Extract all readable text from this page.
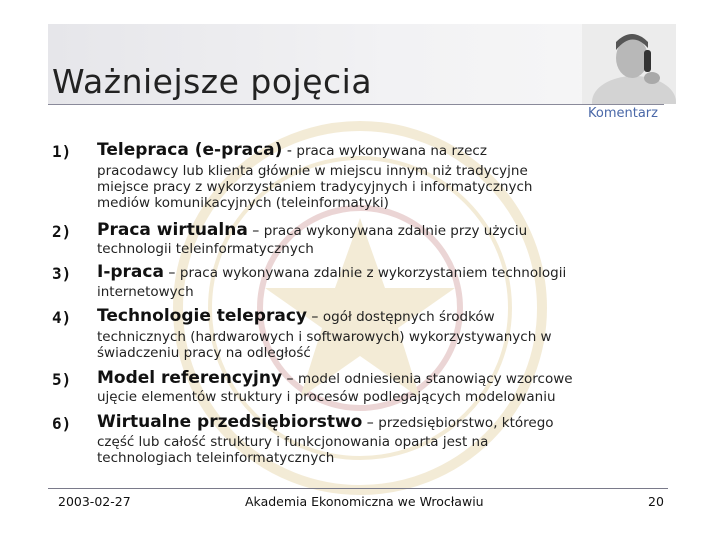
Ważniejsze pojęcia
Komentarz
1) Telepraca (e-praca) - praca wykonywana na rzecz
pracodawcy lub klienta głównie w miejscu innym niż tradycyjne
miejsce pracy z wykorzystaniem tradycyjnych i informatycznych
mediów komunikacyjnych (teleinformatyki)
2) Praca wirtualna – praca wykonywana zdalnie przy użyciu
technologii teleinformatycznych
3) I-praca – praca wykonywana zdalnie z wykorzystaniem technologii
internetowych
4) Technologie telepracy – ogół dostępnych środków
technicznych (hardwarowych i softwarowych) wykorzystywanych w
świadczeniu pracy na odległość
5) Model referencyjny – model odniesienia stanowiący wzorcowe
ujęcie elementów struktury i procesów podlegających modelowaniu
6) Wirtualne przedsiębiorstwo – przedsiębiorstwo, którego
część lub całość struktury i funkcjonowania oparta jest na
technologiach teleinformatycznych
2003-02-27	Akademia Ekonomiczna we Wrocławiu	20
